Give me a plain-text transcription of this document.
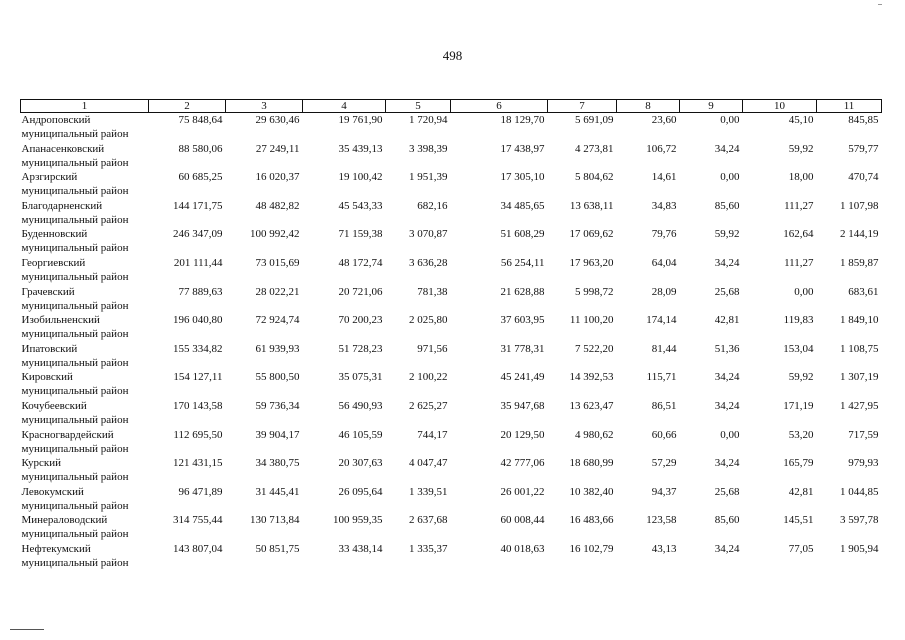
498
1	2	3	4	5	6	7	8	9	10	11

Андроповский
муниципальный район	75 848,64	29 630,46	19 761,90	1 720,94	18 129,70	5 691,09	23,60	0,00	45,10	845,85

Апанасенковский
муниципальный район	88 580,06	27 249,11	35 439,13	3 398,39	17 438,97	4 273,81	106,72	34,24	59,92	579,77

Арзгирский
муниципальный район	60 685,25	16 020,37	19 100,42	1 951,39	17 305,10	5 804,62	14,61	0,00	18,00	470,74

Благодарненский
муниципальный район	144 171,75	48 482,82	45 543,33	682,16	34 485,65	13 638,11	34,83	85,60	111,27	1 107,98

Буденновский
муниципальный район	246 347,09	100 992,42	71 159,38	3 070,87	51 608,29	17 069,62	79,76	59,92	162,64	2 144,19

Георгиевский
муниципальный район	201 111,44	73 015,69	48 172,74	3 636,28	56 254,11	17 963,20	64,04	34,24	111,27	1 859,87

Грачевский
муниципальный район	77 889,63	28 022,21	20 721,06	781,38	21 628,88	5 998,72	28,09	25,68	0,00	683,61

Изобильненский
муниципальный район	196 040,80	72 924,74	70 200,23	2 025,80	37 603,95	11 100,20	174,14	42,81	119,83	1 849,10

Ипатовский
муниципальный район	155 334,82	61 939,93	51 728,23	971,56	31 778,31	7 522,20	81,44	51,36	153,04	1 108,75

Кировский
муниципальный район	154 127,11	55 800,50	35 075,31	2 100,22	45 241,49	14 392,53	115,71	34,24	59,92	1 307,19

Кочубеевский
муниципальный район	170 143,58	59 736,34	56 490,93	2 625,27	35 947,68	13 623,47	86,51	34,24	171,19	1 427,95

Красногвардейский
муниципальный район	112 695,50	39 904,17	46 105,59	744,17	20 129,50	4 980,62	60,66	0,00	53,20	717,59

Курский
муниципальный район	121 431,15	34 380,75	20 307,63	4 047,47	42 777,06	18 680,99	57,29	34,24	165,79	979,93

Левокумский
муниципальный район	96 471,89	31 445,41	26 095,64	1 339,51	26 001,22	10 382,40	94,37	25,68	42,81	1 044,85

Минераловодский
муниципальный район	314 755,44	130 713,84	100 959,35	2 637,68	60 008,44	16 483,66	123,58	85,60	145,51	3 597,78

Нефтекумский
муниципальный район	143 807,04	50 851,75	33 438,14	1 335,37	40 018,63	16 102,79	43,13	34,24	77,05	1 905,94
